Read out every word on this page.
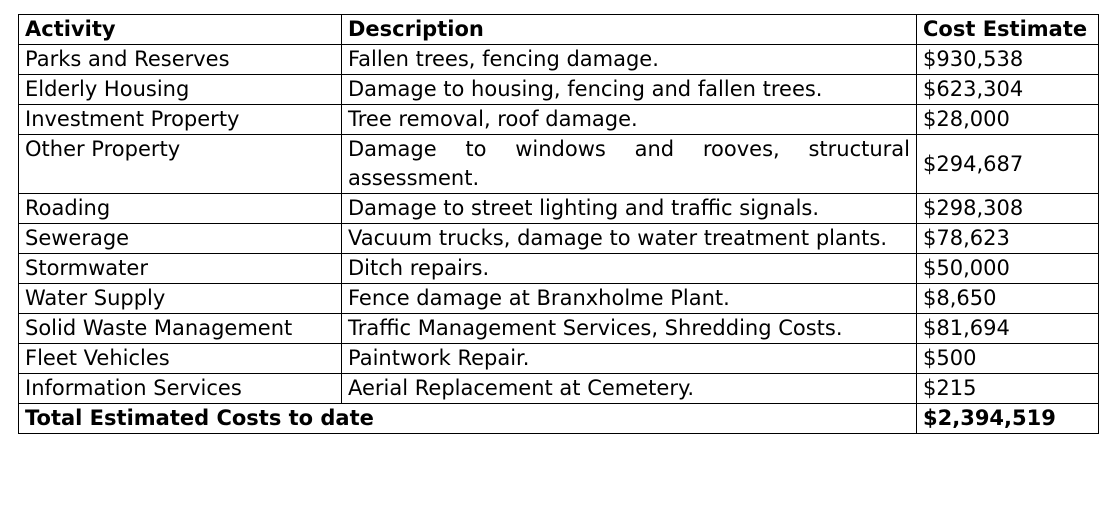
Activity	Description	Cost Estimate
Parks and Reserves	Fallen trees, fencing damage.	$930,538
Elderly Housing	Damage to housing, fencing and fallen trees.	$623,304
Investment Property	Tree removal, roof damage.	$28,000
Other Property	Damage to windows and rooves, structural assessment.	$294,687
Roading	Damage to street lighting and traffic signals.	$298,308
Sewerage	Vacuum trucks, damage to water treatment plants.	$78,623
Stormwater	Ditch repairs.	$50,000
Water Supply	Fence damage at Branxholme Plant.	$8,650
Solid Waste Management	Traffic Management Services, Shredding Costs.	$81,694
Fleet Vehicles	Paintwork Repair.	$500
Information Services	Aerial Replacement at Cemetery.	$215
Total Estimated Costs to date		$2,394,519
